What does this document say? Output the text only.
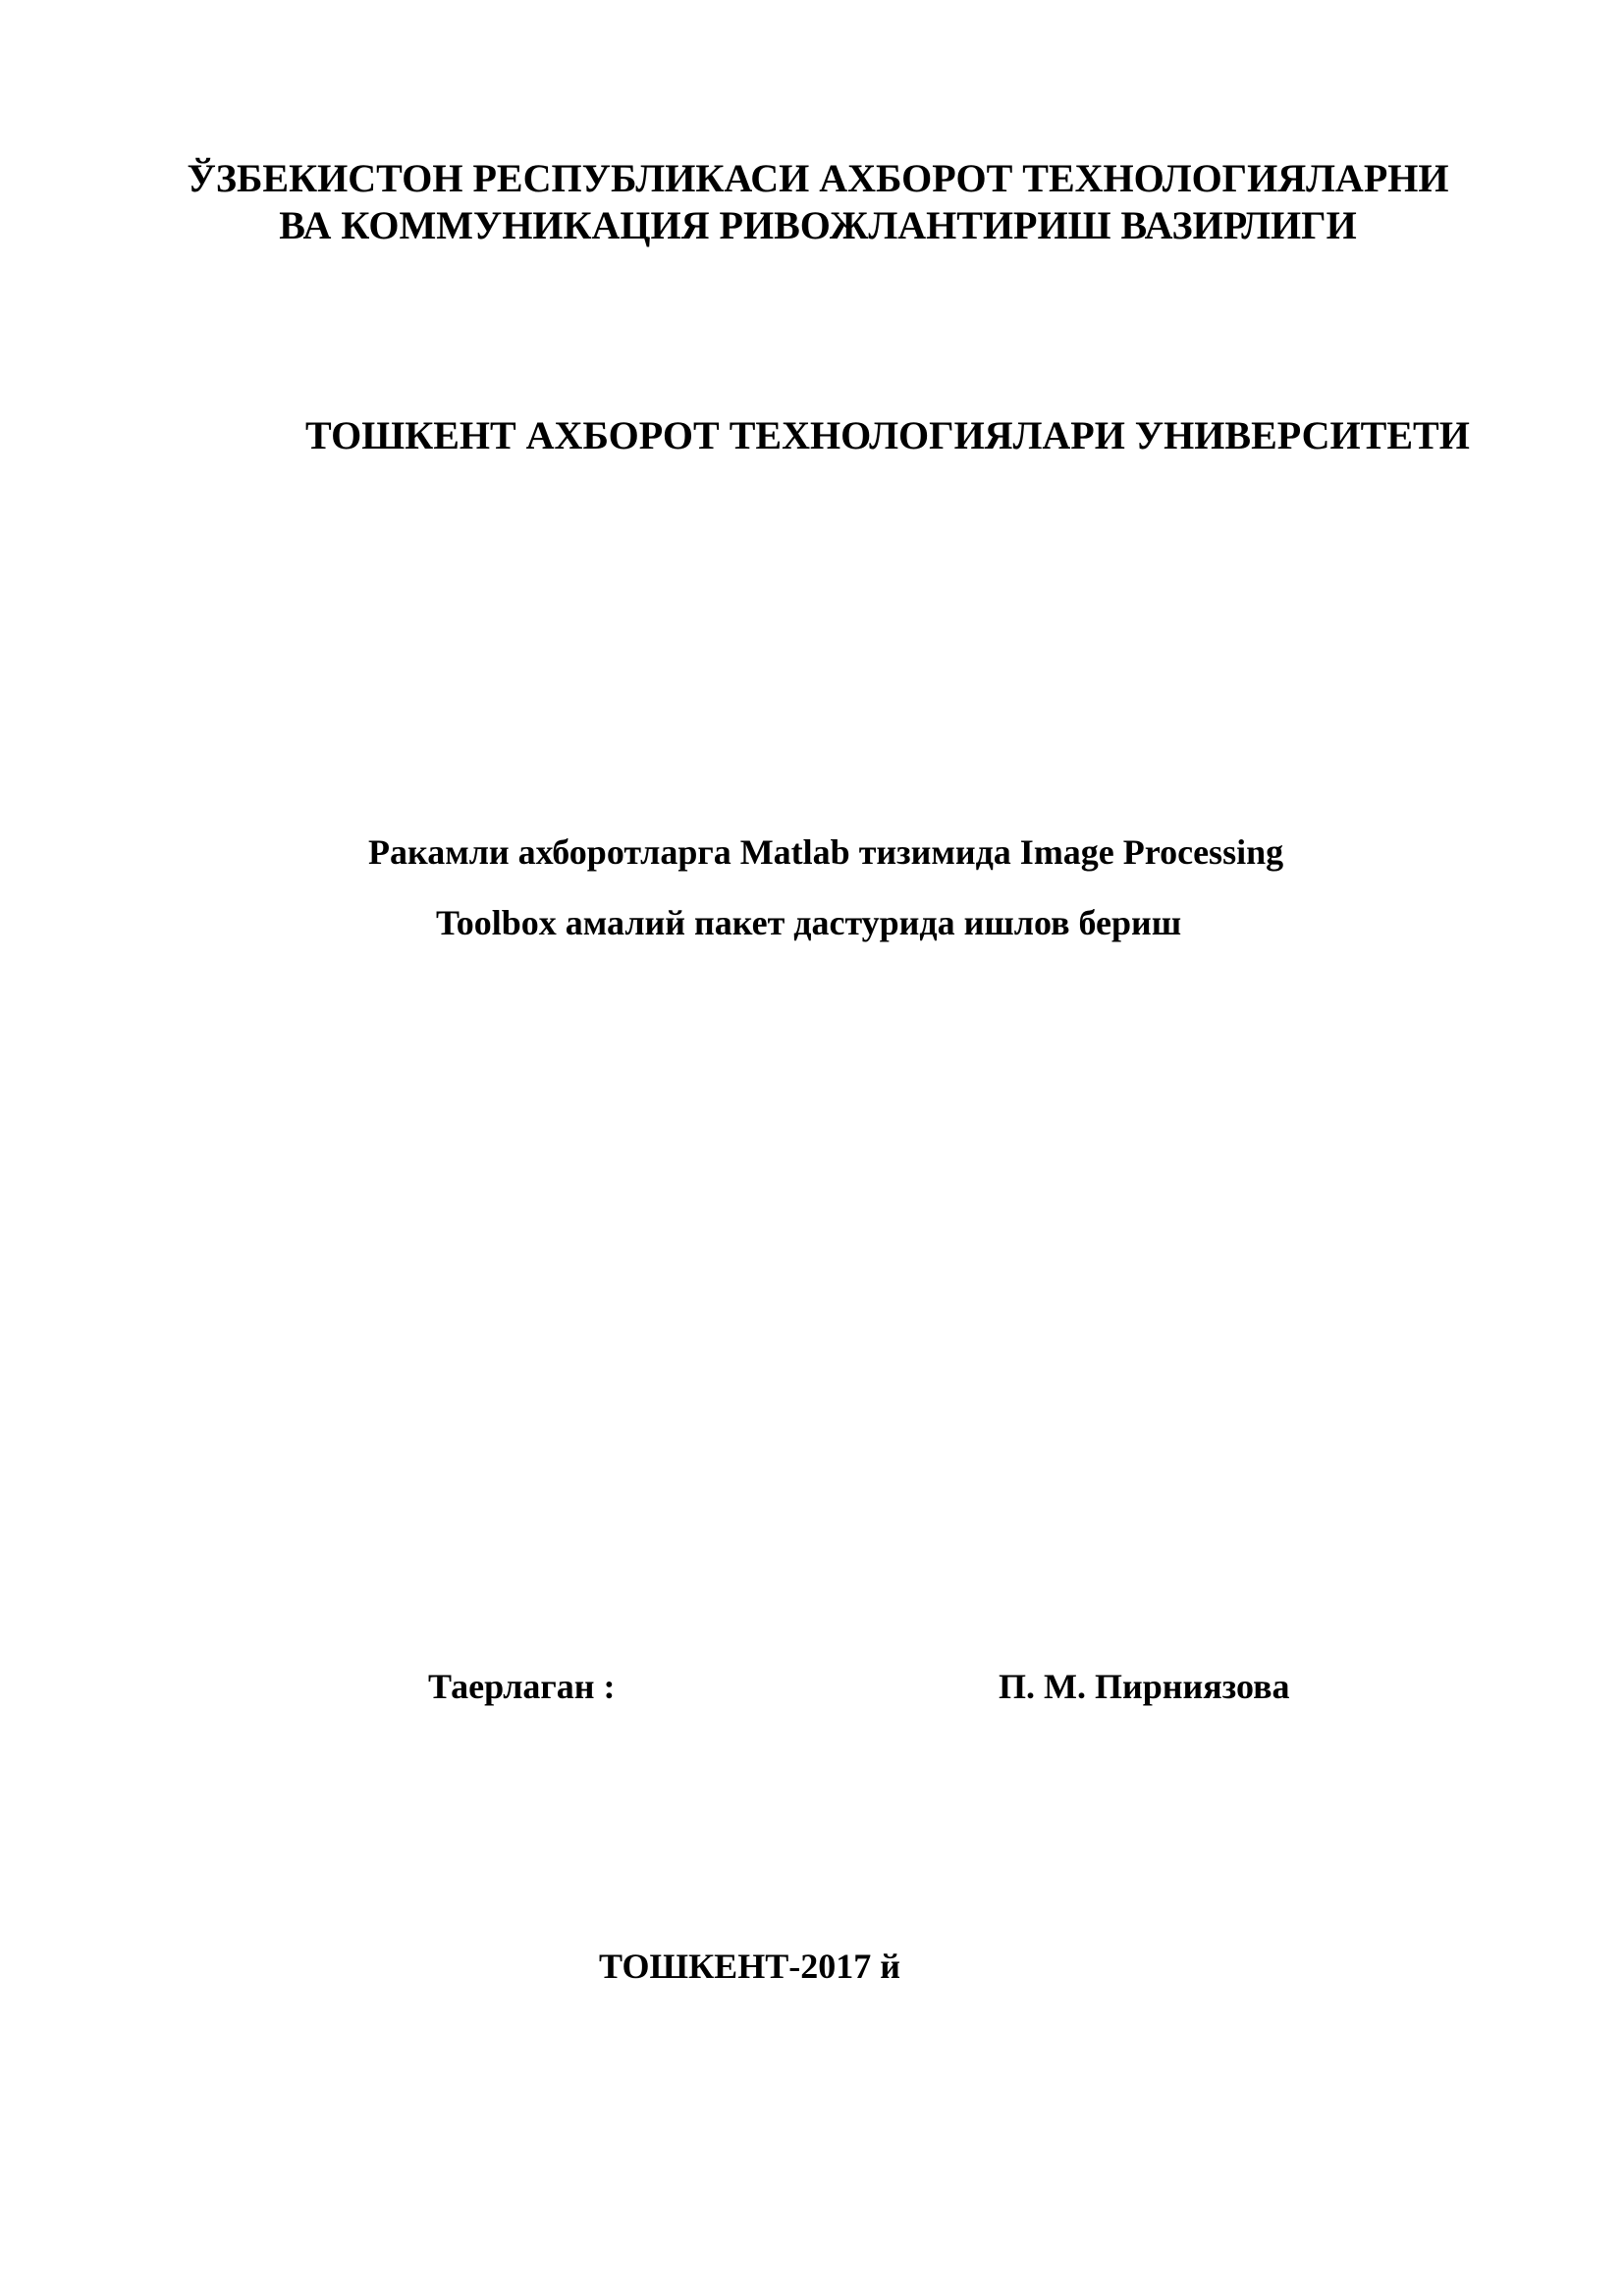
ЎЗБЕКИСТОН РЕСПУБЛИКАСИ АХБОРОТ ТЕХНОЛОГИЯЛАРНИ
ВА КОММУНИКАЦИЯ РИВОЖЛАНТИРИШ ВАЗИРЛИГИ
ТОШКЕНТ АХБОРОТ ТЕХНОЛОГИЯЛАРИ УНИВЕРСИТЕТИ
Ракамли ахборотларга Matlab тизимида Image Processing
Toolbox амалий пакет дастурида ишлов бериш
Таерлаган :	П. М. Пирниязова
ТОШКЕНТ-2017 й
